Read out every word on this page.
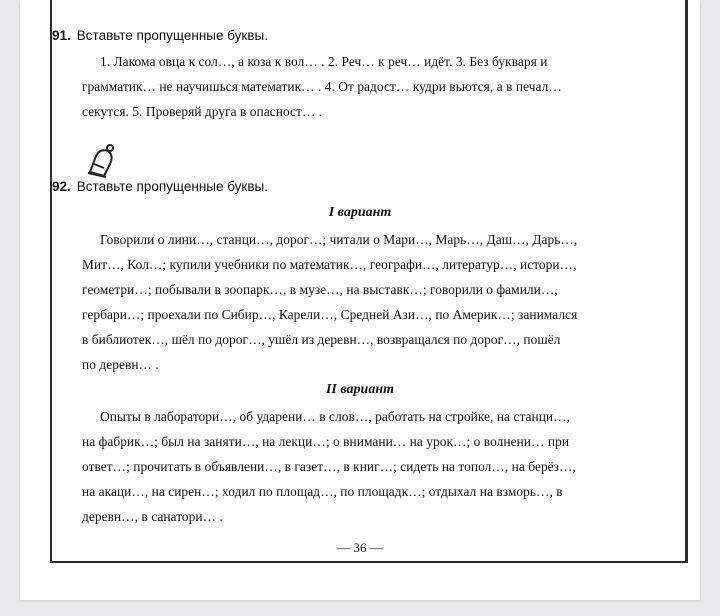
91. Вставьте пропущенные буквы.
1. Лакома овца к сол…, а коза к вол… . 2. Реч… к реч… идёт. 3. Без букваря и
грамматик… не научишься математик… . 4. От радост… кудри вьются, а в печал…
секутся. 5. Проверяй друга в опасност… .
92. Вставьте пропущенные буквы.
I вариант
Говорили о лини…, станци…, дорог…; читали о Мари…, Марь…, Даш…, Дарь…,
Мит…, Кол…; купили учебники по математик…, географи…, литератур…, истори…,
геометри…; побывали в зоопарк…, в музе…, на выставк…; говорили о фамили…,
гербари…; проехали по Сибир…, Карели…, Средней Ази…, по Америк…; занимался
в библиотек…, шёл по дорог…, ушёл из деревн…, возвращался по дорог…, пошёл
по деревн… .
II вариант
Опыты в лаборатори…, об ударени… в слов…, работать на стройке, на станци…,
на фабрик…; был на заняти…, на лекци…; о внимани… на урок…; о волнени… при
ответ…; прочитать в объявлени…, в газет…, в книг…; сидеть на топол…, на берёз…,
на акаци…, на сирен…; ходил по площад…, по площадк…; отдыхал на взморь…, в
деревн…, в санатори… .
— 36 —
